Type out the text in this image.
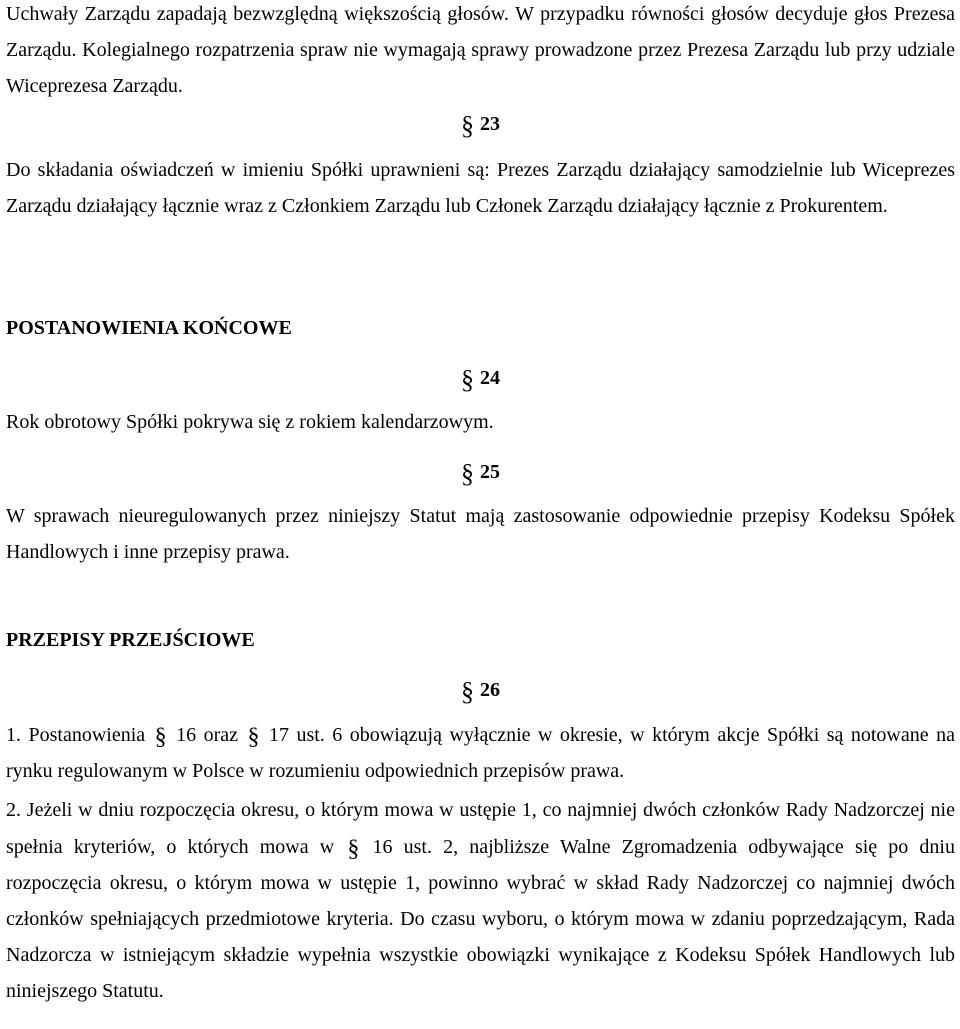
Uchwały Zarządu zapadają bezwzględną większością głosów. W przypadku równości głosów decyduje głos Prezesa Zarządu. Kolegialnego rozpatrzenia spraw nie wymagają sprawy prowadzone przez Prezesa Zarządu lub przy udziale Wiceprezesa Zarządu.
§ 23
Do składania oświadczeń w imieniu Spółki uprawnieni są: Prezes Zarządu działający samodzielnie lub Wiceprezes Zarządu działający łącznie wraz z Członkiem Zarządu lub Członek Zarządu działający łącznie z Prokurentem.
POSTANOWIENIA KOŃCOWE
§ 24
Rok obrotowy Spółki pokrywa się z rokiem kalendarzowym.
§ 25
W sprawach nieuregulowanych przez niniejszy Statut mają zastosowanie odpowiednie przepisy Kodeksu Spółek Handlowych i inne przepisy prawa.
PRZEPISY PRZEJŚCIOWE
§ 26
1. Postanowienia § 16 oraz § 17 ust. 6 obowiązują wyłącznie w okresie, w którym akcje Spółki są notowane na rynku regulowanym w Polsce w rozumieniu odpowiednich przepisów prawa.
2. Jeżeli w dniu rozpoczęcia okresu, o którym mowa w ustępie 1, co najmniej dwóch członków Rady Nadzorczej nie spełnia kryteriów, o których mowa w § 16 ust. 2, najbliższe Walne Zgromadzenia odbywające się po dniu rozpoczęcia okresu, o którym mowa w ustępie 1, powinno wybrać w skład Rady Nadzorczej co najmniej dwóch członków spełniających przedmiotowe kryteria. Do czasu wyboru, o którym mowa w zdaniu poprzedzającym, Rada Nadzorcza w istniejącym składzie wypełnia wszystkie obowiązki wynikające z Kodeksu Spółek Handlowych lub niniejszego Statutu.
